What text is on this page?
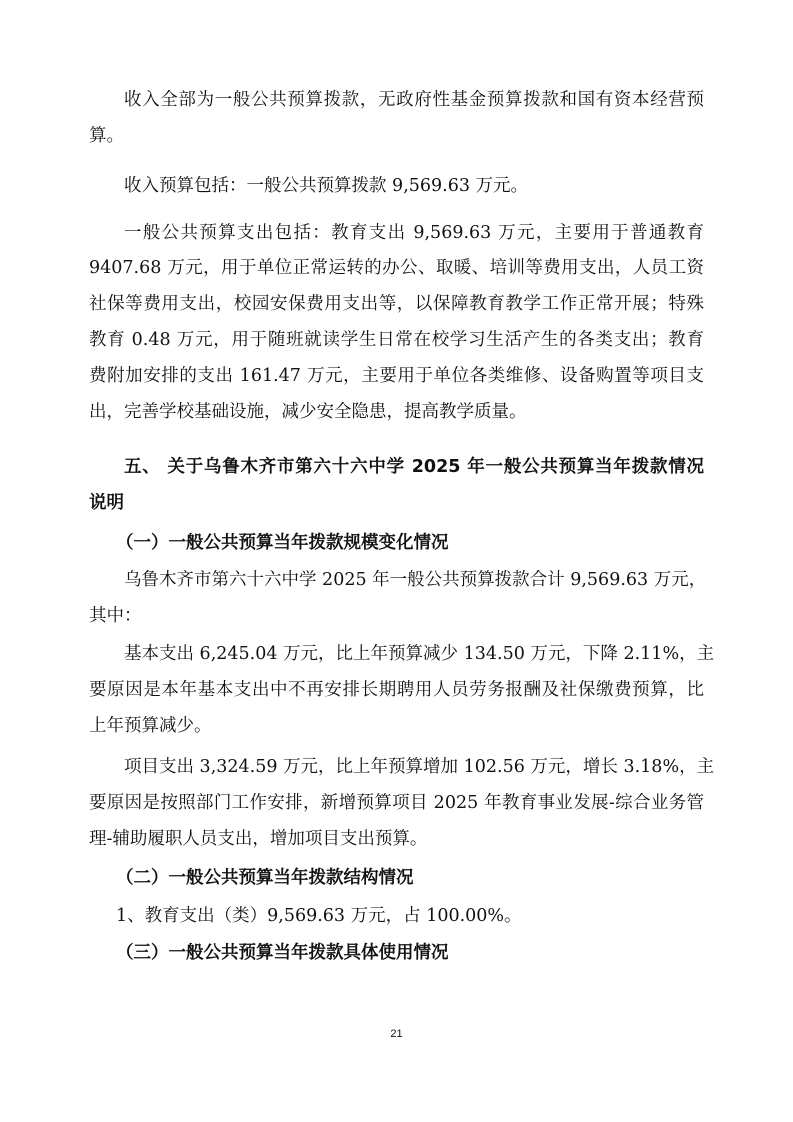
收入全部为一般公共预算拨款，无政府性基金预算拨款和国有资本经营预
算。
收入预算包括：一般公共预算拨款 9,569.63 万元。
一般公共预算支出包括：教育支出 9,569.63 万元，主要用于普通教育
9407.68 万元，用于单位正常运转的办公、取暖、培训等费用支出，人员工资
社保等费用支出，校园安保费用支出等，以保障教育教学工作正常开展；特殊
教育 0.48 万元，用于随班就读学生日常在校学习生活产生的各类支出；教育
费附加安排的支出 161.47 万元，主要用于单位各类维修、设备购置等项目支
出，完善学校基础设施，减少安全隐患，提高教学质量。
五、 关于乌鲁木齐市第六十六中学 2025 年一般公共预算当年拨款情况
说明
（一）一般公共预算当年拨款规模变化情况
乌鲁木齐市第六十六中学 2025 年一般公共预算拨款合计 9,569.63 万元，
其中：
基本支出 6,245.04 万元，比上年预算减少 134.50 万元，下降 2.11%，主
要原因是本年基本支出中不再安排长期聘用人员劳务报酬及社保缴费预算，比
上年预算减少。
项目支出 3,324.59 万元，比上年预算增加 102.56 万元，增长 3.18%，主
要原因是按照部门工作安排，新增预算项目 2025 年教育事业发展-综合业务管
理-辅助履职人员支出，增加项目支出预算。
（二）一般公共预算当年拨款结构情况
1、教育支出（类）9,569.63 万元，占 100.00%。
（三）一般公共预算当年拨款具体使用情况
21
